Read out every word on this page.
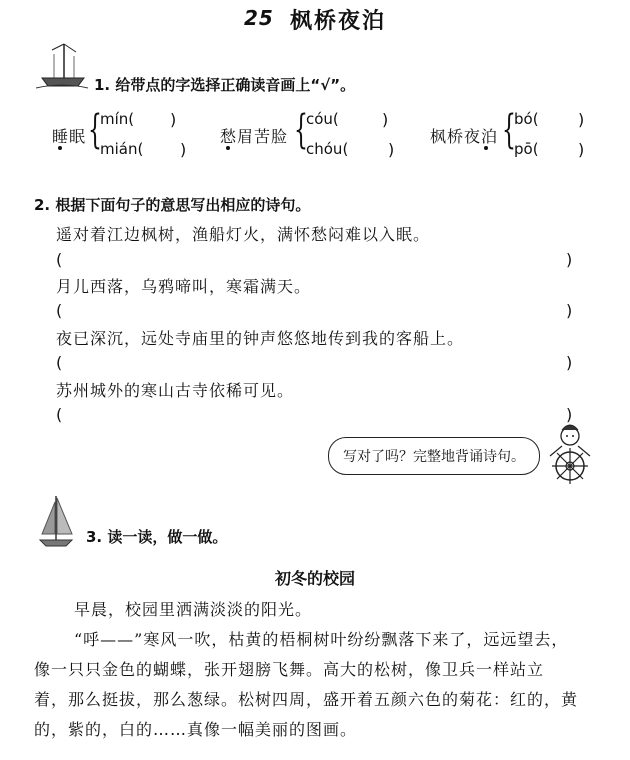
25 枫桥夜泊
1. 给带点的字选择正确读音画上“√”。
睡眠 {
mín( )
mián( )
愁眉苦脸 {
cóu(	)
chóu( )
枫桥夜泊 {
bó( )
pō( )
2. 根据下面句子的意思写出相应的诗句。
遥对着江边枫树，渔船灯火，满怀愁闷难以入眠。
(	)
月儿西落，乌鸦啼叫，寒霜满天。
(	)
夜已深沉，远处寺庙里的钟声悠悠地传到我的客船上。
(	)
苏州城外的寒山古寺依稀可见。
(	)
写对了吗？完整地背诵诗句。
3. 读一读，做一做。
初冬的校园
早晨，校园里洒满淡淡的阳光。
“呼——”寒风一吹，枯黄的梧桐树叶纷纷飘落下来了，远远望去，
像一只只金色的蝴蝶，张开翅膀飞舞。高大的松树，像卫兵一样站立
着，那么挺拔，那么葱绿。松树四周，盛开着五颜六色的菊花：红的，黄
的，紫的，白的……真像一幅美丽的图画。
